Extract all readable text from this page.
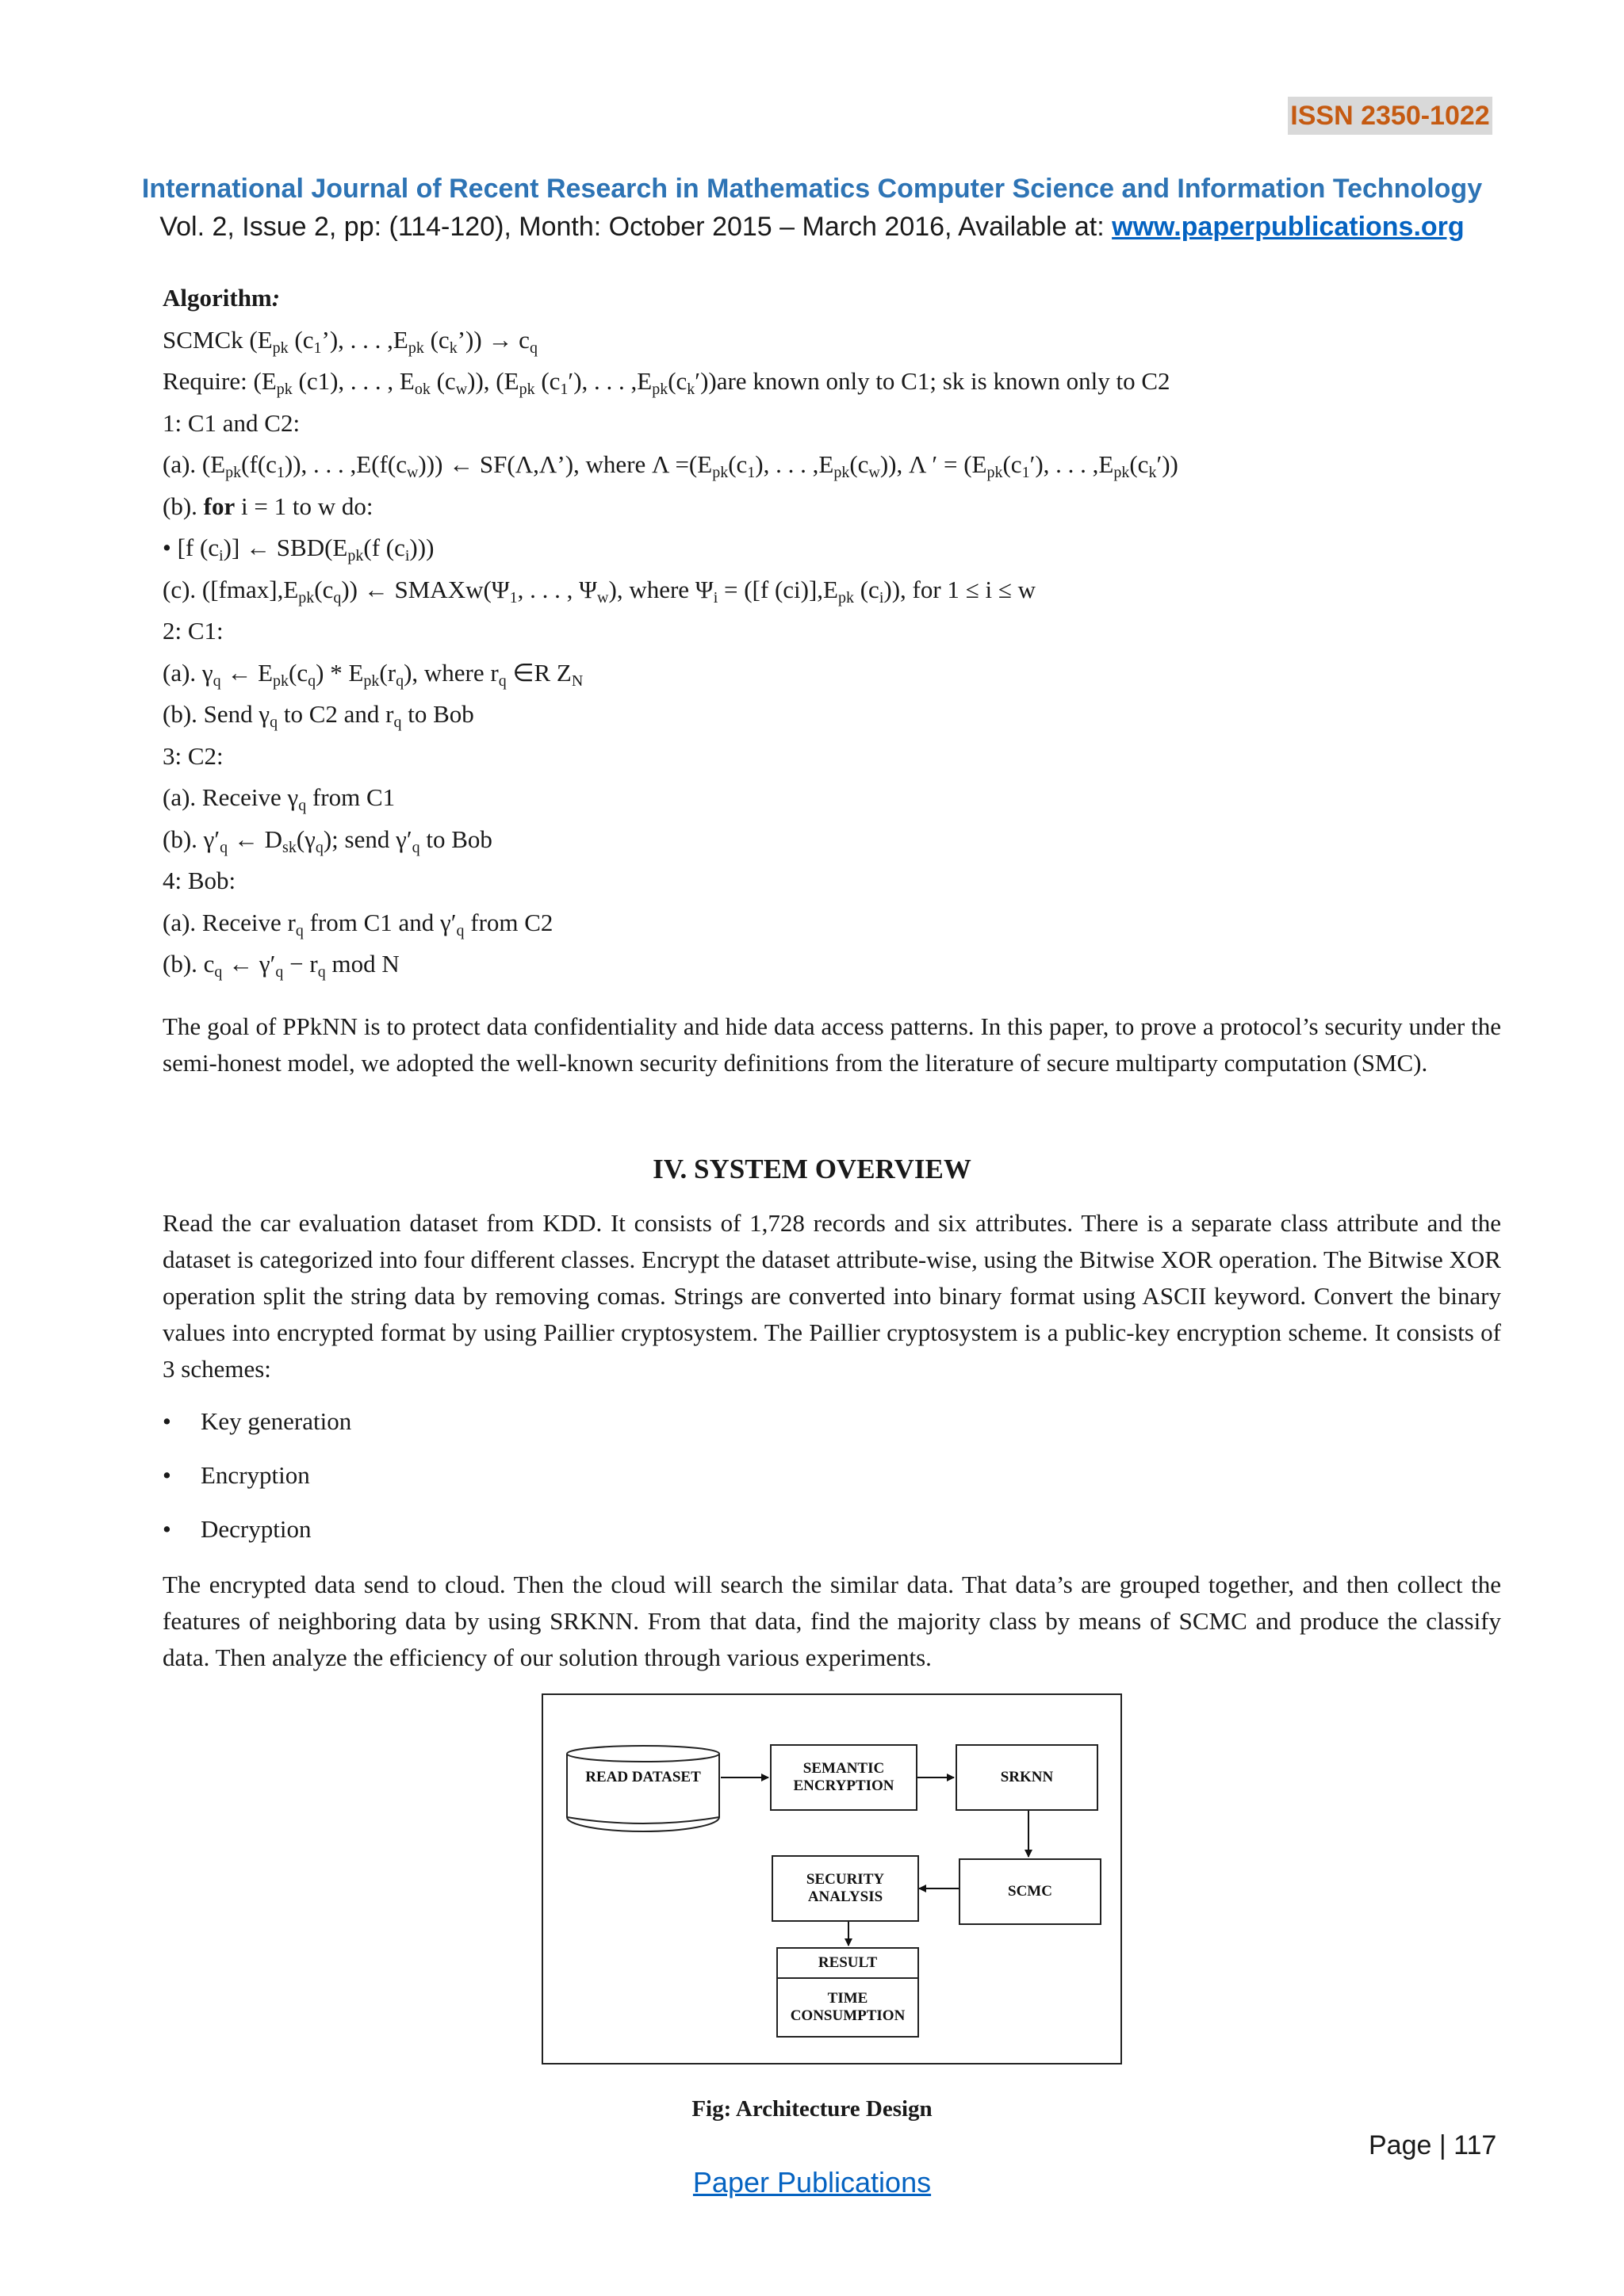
ISSN 2350-1022
International Journal of Recent Research in Mathematics Computer Science and Information Technology
Vol. 2, Issue 2, pp: (114-120), Month: October 2015 – March 2016, Available at: www.paperpublications.org
Algorithm:
SCMCk ($E_{pk}$ $(c_1’)$, . . . $,E_{pk}$ $(c_k’)) \to c_q$
Require: ($E_{pk}$ (c1), . . . , $E_{ok}$ $(c_w)$), ($E_{pk}$ $(c_1')$, . . . $,E_{pk}(c_k'))are$ known only to C1; sk is known only to C2
1: C1 and C2:
(a). ($E_{pk}(f(c_1))$, . . . $,E(f(c_w))$) ← SF(Λ,Λ’), where $\Lambda =(E_{pk}(c_1)$, . . . $,E_{pk}(c_w)$), Λ ′ = ($E_{pk}(c_1')$, . . . $,E_{pk}(c_k')$)
(b). for i = 1 to w do:
• [f $(c_i)$] ← $SBD(E_{pk}(f$ $(c_i)$))
(c). $([fmax],E_{pk}(c_q))$ ← $SMAXw(\Psi_1$, . . . , $\Psi_w$), where $\Psi_i = ([f$ $(ci)],E_{pk}$ $(c_i)$), for 1 ≤ i ≤ w
2: C1:
(a). $\gamma_q$ ← $E_{pk}(c_q) * E_{pk}(r_q)$, where $r_q$ ∈R $Z_N$
(b). Send $\gamma_q$ to C2 and $r_q$ to Bob
3: C2:
(a). Receive $\gamma_q$ from C1
(b). $\gamma'_q$ ← $D_{sk}(\gamma_q)$; send $\gamma'_q$ to Bob
4: Bob:
(a). Receive $r_q$ from C1 and $\gamma'_q$ from C2
(b). $c_q$ ← $\gamma'_q - r_q$ mod N
The goal of PPkNN is to protect data confidentiality and hide data access patterns. In this paper, to prove a protocol’s security under the semi-honest model, we adopted the well-known security definitions from the literature of secure multiparty computation (SMC).
IV. SYSTEM OVERVIEW
Read the car evaluation dataset from KDD. It consists of 1,728 records and six attributes. There is a separate class attribute and the dataset is categorized into four different classes. Encrypt the dataset attribute-wise, using the Bitwise XOR operation. The Bitwise XOR operation split the string data by removing comas. Strings are converted into binary format using ASCII keyword. Convert the binary values into encrypted format by using Paillier cryptosystem. The Paillier cryptosystem is a public-key encryption scheme. It consists of 3 schemes:
•	Key generation
•	Encryption
•	Decryption
The encrypted data send to cloud. Then the cloud will search the similar data. That data’s are grouped together, and then collect the features of neighboring data by using SRKNN. From that data, find the majority class by means of SCMC and produce the classify data. Then analyze the efficiency of our solution through various experiments.
READ DATASET
SEMANTIC ENCRYPTION
SRKNN
SECURITY ANALYSIS	SCMC
RESULT
TIME CONSUMPTION
Fig: Architecture Design
Page | 117
Paper Publications
